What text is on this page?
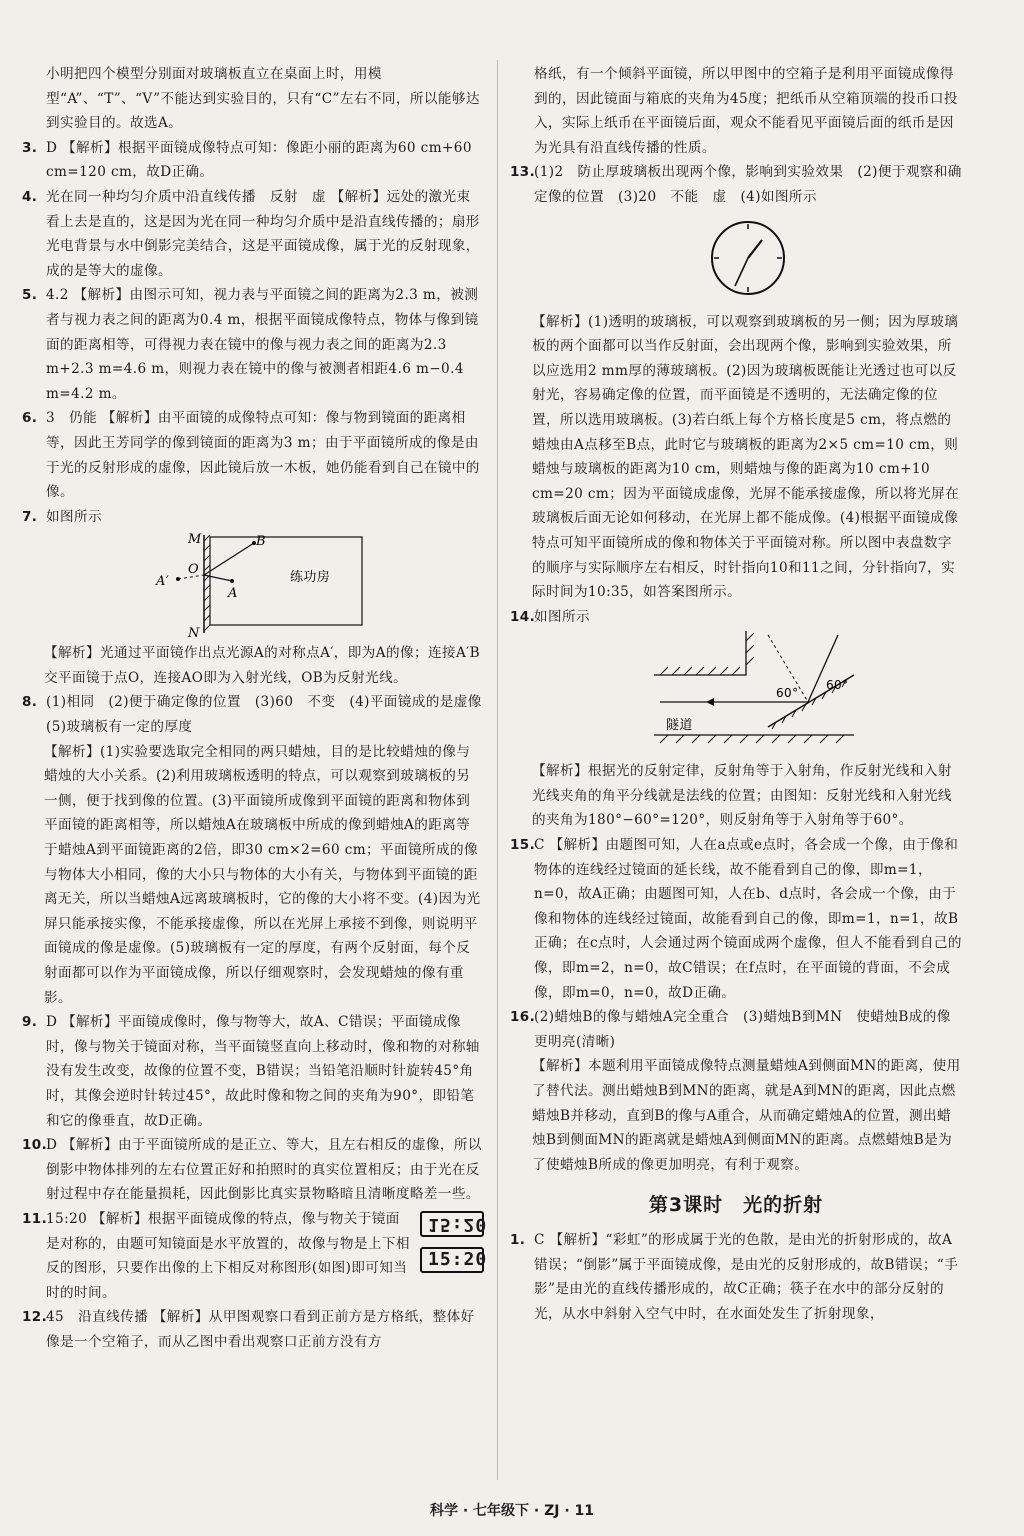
小明把四个模型分别面对玻璃板直立在桌面上时，用模型“A”、“T”、“V”不能达到实验目的，只有“C”左右不同，所以能够达到实验目的。故选A。
3. D 【解析】根据平面镜成像特点可知：像距小丽的距离为60 cm+60 cm=120 cm，故D正确。
4. 光在同一种均匀介质中沿直线传播　反射　虚 【解析】远处的激光束看上去是直的，这是因为光在同一种均匀介质中是沿直线传播的；扇形光电背景与水中倒影完美结合，这是平面镜成像，属于光的反射现象，成的是等大的虚像。
5. 4.2 【解析】由图示可知，视力表与平面镜之间的距离为2.3 m，被测者与视力表之间的距离为0.4 m，根据平面镜成像特点，物体与像到镜面的距离相等，可得视力表在镜中的像与视力表之间的距离为2.3 m+2.3 m=4.6 m，则视力表在镜中的像与被测者相距4.6 m−0.4 m=4.2 m。
6. 3　仍能 【解析】由平面镜的成像特点可知：像与物到镜面的距离相等，因此王芳同学的像到镜面的距离为3 m；由于平面镜所成的像是由于光的反射形成的虚像，因此镜后放一木板，她仍能看到自己在镜中的像。
7. 如图所示
M	B
O
A′
A
N
练功房
【解析】光通过平面镜作出点光源A的对称点A′，即为A的像；连接A′B交平面镜于点O，连接AO即为入射光线，OB为反射光线。
8. (1)相同　(2)便于确定像的位置　(3)60　不变　(4)平面镜成的是虚像　(5)玻璃板有一定的厚度
【解析】(1)实验要选取完全相同的两只蜡烛，目的是比较蜡烛的像与蜡烛的大小关系。(2)利用玻璃板透明的特点，可以观察到玻璃板的另一侧，便于找到像的位置。(3)平面镜所成像到平面镜的距离和物体到平面镜的距离相等，所以蜡烛A在玻璃板中所成的像到蜡烛A的距离等于蜡烛A到平面镜距离的2倍，即30 cm×2=60 cm；平面镜所成的像与物体大小相同，像的大小只与物体的大小有关，与物体到平面镜的距离无关，所以当蜡烛A远离玻璃板时，它的像的大小将不变。(4)因为光屏只能承接实像，不能承接虚像，所以在光屏上承接不到像，则说明平面镜成的像是虚像。(5)玻璃板有一定的厚度，有两个反射面，每个反射面都可以作为平面镜成像，所以仔细观察时，会发现蜡烛的像有重影。
9. D 【解析】平面镜成像时，像与物等大，故A、C错误；平面镜成像时，像与物关于镜面对称，当平面镜竖直向上移动时，像和物的对称轴没有发生改变，故像的位置不变，B错误；当铅笔沿顺时针旋转45°角时，其像会逆时针转过45°，故此时像和物之间的夹角为90°，即铅笔和它的像垂直，故D正确。
10.
D 【解析】由于平面镜所成的是正立、等大，且左右相反的虚像，所以倒影中物体排列的左右位置正好和拍照时的真实位置相反；由于光在反射过程中存在能量损耗，因此倒影比真实景物略暗且清晰度略差一些。
11.
15:20 【解析】根据平面镜成像的特点，像与物关于镜面是对称的，由题可知镜面是水平放置的，故像与物是上下相反的图形，只要作出像的上下相反对称图形(如图)即可知当时的时间。
15:20
15:20
12.
45　沿直线传播 【解析】从甲图观察口看到正前方是方格纸，整体好像是一个空箱子，而从乙图中看出观察口正前方没有方
格纸，有一个倾斜平面镜，所以甲图中的空箱子是利用平面镜成像得到的，因此镜面与箱底的夹角为45度；把纸币从空箱顶端的投币口投入，实际上纸币在平面镜后面，观众不能看见平面镜后面的纸币是因为光具有沿直线传播的性质。
13.
(1)2　防止厚玻璃板出现两个像，影响到实验效果　(2)便于观察和确定像的位置　(3)20　不能　虚　(4)如图所示
【解析】(1)透明的玻璃板，可以观察到玻璃板的另一侧；因为厚玻璃板的两个面都可以当作反射面，会出现两个像，影响到实验效果，所以应选用2 mm厚的薄玻璃板。(2)因为玻璃板既能让光透过也可以反射光，容易确定像的位置，而平面镜是不透明的，无法确定像的位置，所以选用玻璃板。(3)若白纸上每个方格长度是5 cm，将点燃的蜡烛由A点移至B点，此时它与玻璃板的距离为2×5 cm=10 cm，则蜡烛与玻璃板的距离为10 cm，则蜡烛与像的距离为10 cm+10 cm=20 cm；因为平面镜成虚像，光屏不能承接虚像，所以将光屏在玻璃板后面无论如何移动，在光屏上都不能成像。(4)根据平面镜成像特点可知平面镜所成的像和物体关于平面镜对称。所以图中表盘数字的顺序与实际顺序左右相反，时针指向10和11之间，分针指向7，实际时间为10:35，如答案图所示。
14.
如图所示
60°
60°
隧道
【解析】根据光的反射定律，反射角等于入射角，作反射光线和入射光线夹角的角平分线就是法线的位置；由图知：反射光线和入射光线的夹角为180°−60°=120°，则反射角等于入射角等于60°。
15.
C 【解析】由题图可知，人在a点或e点时，各会成一个像，由于像和物体的连线经过镜面的延长线，故不能看到自己的像，即m=1，n=0，故A正确；由题图可知，人在b、d点时，各会成一个像，由于像和物体的连线经过镜面，故能看到自己的像，即m=1，n=1，故B正确；在c点时，人会通过两个镜面成两个虚像，但人不能看到自己的像，即m=2，n=0，故C错误；在f点时，在平面镜的背面，不会成像，即m=0，n=0，故D正确。
16.
(2)蜡烛B的像与蜡烛A完全重合　(3)蜡烛B到MN　使蜡烛B成的像更明亮(清晰)
【解析】本题利用平面镜成像特点测量蜡烛A到侧面MN的距离，使用了替代法。测出蜡烛B到MN的距离，就是A到MN的距离，因此点燃蜡烛B并移动，直到B的像与A重合，从而确定蜡烛A的位置，测出蜡烛B到侧面MN的距离就是蜡烛A到侧面MN的距离。点燃蜡烛B是为了使蜡烛B所成的像更加明亮，有利于观察。
第3课时　光的折射
1. C 【解析】“彩虹”的形成属于光的色散，是由光的折射形成的，故A错误；“倒影”属于平面镜成像，是由光的反射形成的，故B错误；“手影”是由光的直线传播形成的，故C正确；筷子在水中的部分反射的光，从水中斜射入空气中时，在水面处发生了折射现象，
科学 · 七年级下 · ZJ · 11
